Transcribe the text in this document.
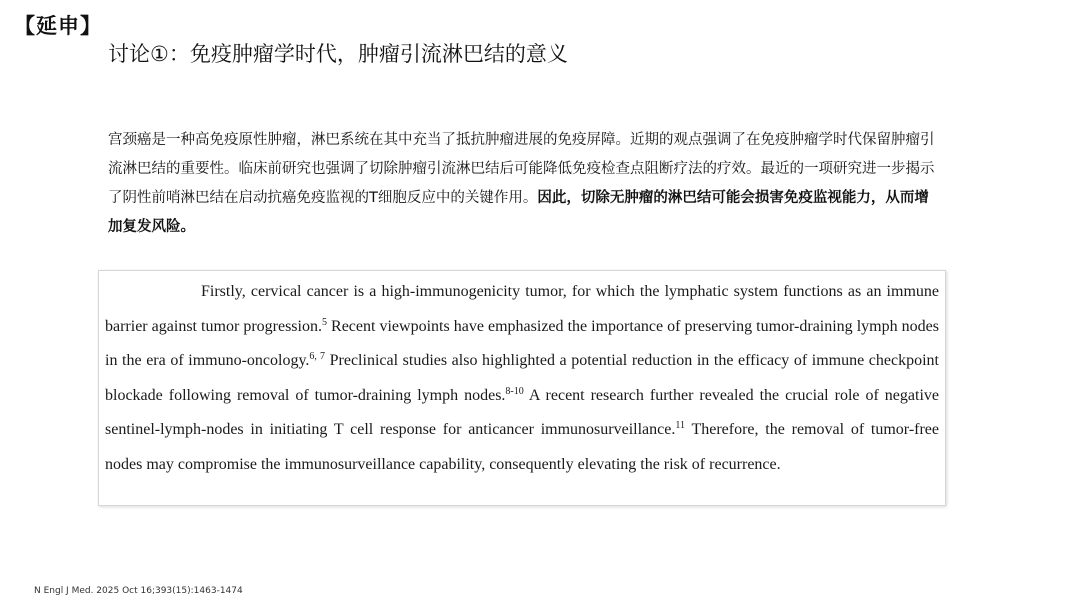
【延申】
讨论①：免疫肿瘤学时代，肿瘤引流淋巴结的意义
宫颈癌是一种高免疫原性肿瘤，淋巴系统在其中充当了抵抗肿瘤进展的免疫屏障。近期的观点强调了在免疫肿瘤学时代保留肿瘤引流淋巴结的重要性。临床前研究也强调了切除肿瘤引流淋巴结后可能降低免疫检查点阻断疗法的疗效。最近的一项研究进一步揭示了阴性前哨淋巴结在启动抗癌免疫监视的T细胞反应中的关键作用。因此，切除无肿瘤的淋巴结可能会损害免疫监视能力，从而增加复发风险。

Firstly, cervical cancer is a high-immunogenicity tumor, for which the lymphatic system functions as an immune barrier against tumor progression.$^5$ Recent viewpoints have emphasized the importance of preserving tumor-draining lymph nodes in the era of immuno-oncology.$^{6, 7}$ Preclinical studies also highlighted a potential reduction in the efficacy of immune checkpoint blockade following removal of tumor-draining lymph nodes.$^{8-10}$ A recent research further revealed the crucial role of negative sentinel-lymph-nodes in initiating T cell response for anticancer immunosurveillance.$^{11}$ Therefore, the removal of tumor-free nodes may compromise the immunosurveillance capability, consequently elevating the risk of recurrence.

N Engl J Med. 2025 Oct 16;393(15):1463-1474
